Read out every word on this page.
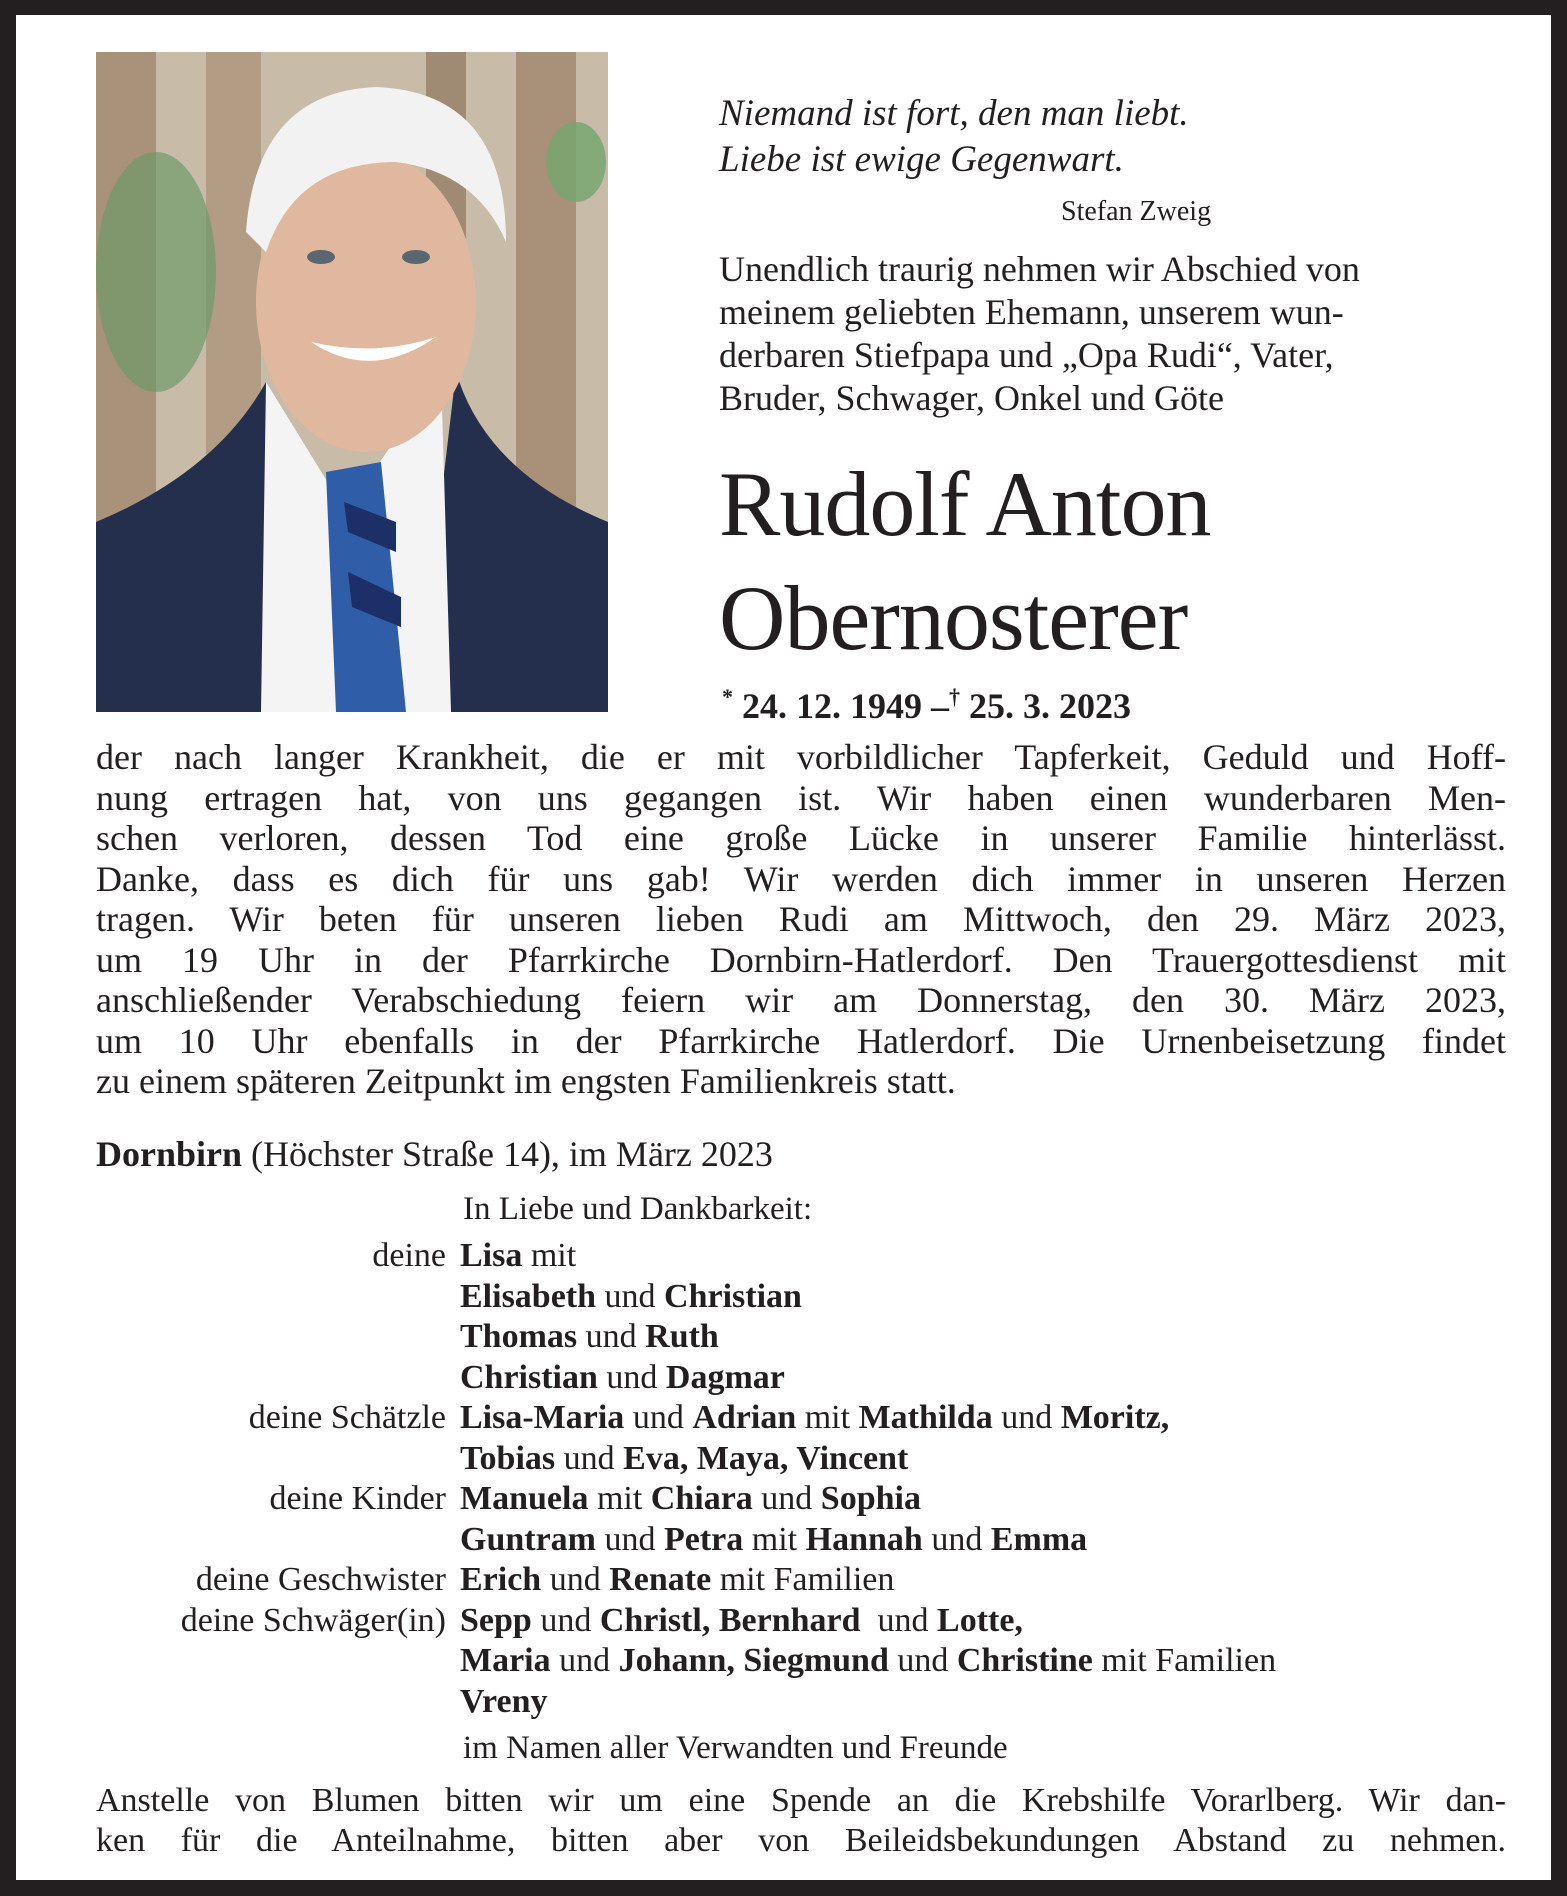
Niemand ist fort, den man liebt.
Liebe ist ewige Gegenwart.
Stefan Zweig
Unendlich traurig nehmen wir Abschied von
meinem geliebten Ehemann, unserem wun-
derbaren Stiefpapa und „Opa Rudi“, Vater,
Bruder, Schwager, Onkel und Göte
Rudolf Anton
Obernosterer
* 24. 12. 1949 –† 25. 3. 2023
der nach langer Krankheit, die er mit vorbildlicher Tapferkeit, Geduld und Hoff-
nung ertragen hat, von uns gegangen ist. Wir haben einen wunderbaren Men-
schen verloren, dessen Tod eine große Lücke in unserer Familie hinterlässt.
Danke, dass es dich für uns gab! Wir werden dich immer in unseren Herzen
tragen. Wir beten für unseren lieben Rudi am Mittwoch, den 29. März 2023,
um 19 Uhr in der Pfarrkirche Dornbirn-Hatlerdorf. Den Trauergottesdienst mit
anschließender Verabschiedung feiern wir am Donnerstag, den 30. März 2023,
um 10 Uhr ebenfalls in der Pfarrkirche Hatlerdorf. Die Urnenbeisetzung findet
zu einem späteren Zeitpunkt im engsten Familienkreis statt.
Dornbirn (Höchster Straße 14), im März 2023
In Liebe und Dankbarkeit:
deine Lisa mit
Elisabeth und Christian
Thomas und Ruth
Christian und Dagmar
deine Schätzle Lisa-Maria und Adrian mit Mathilda und Moritz,
Tobias und Eva, Maya, Vincent
deine Kinder Manuela mit Chiara und Sophia
Guntram und Petra mit Hannah und Emma
deine Geschwister Erich und Renate mit Familien
deine Schwäger(in) Sepp und Christl, Bernhard  und Lotte,
Maria und Johann, Siegmund und Christine mit Familien
Vreny
im Namen aller Verwandten und Freunde
Anstelle von Blumen bitten wir um eine Spende an die Krebshilfe Vorarlberg. Wir dan-
ken für die Anteilnahme, bitten aber von Beileidsbekundungen Abstand zu nehmen.
